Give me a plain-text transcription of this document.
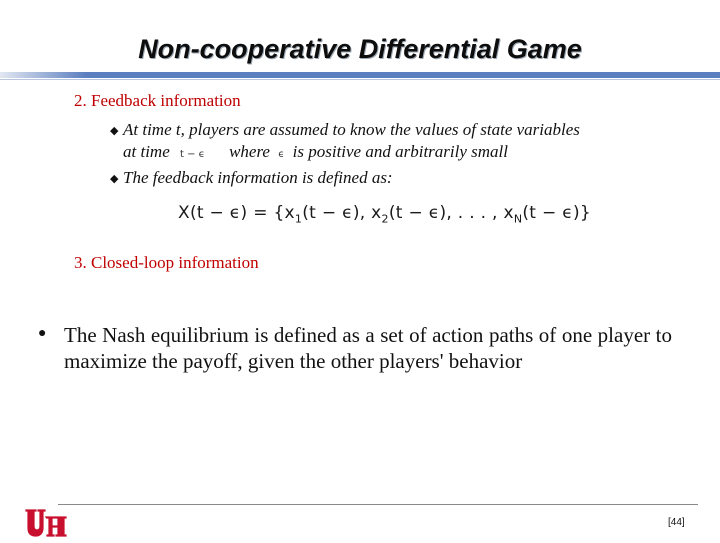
Non-cooperative Differential Game
2. Feedback information
◆ At time t, players are assumed to know the values of state variables
at time t − ϵ where ϵ is positive and arbitrarily small
◆ The feedback information is defined as:
$X(t - \epsilon) = \{x_1(t - \epsilon)$, $x_2(t - \epsilon)$, . . . , $x_N(t - \epsilon)$}
3. Closed-loop information
● The Nash equilibrium is defined as a set of action paths of one player to maximize the payoff, given the other players' behavior
[44]
